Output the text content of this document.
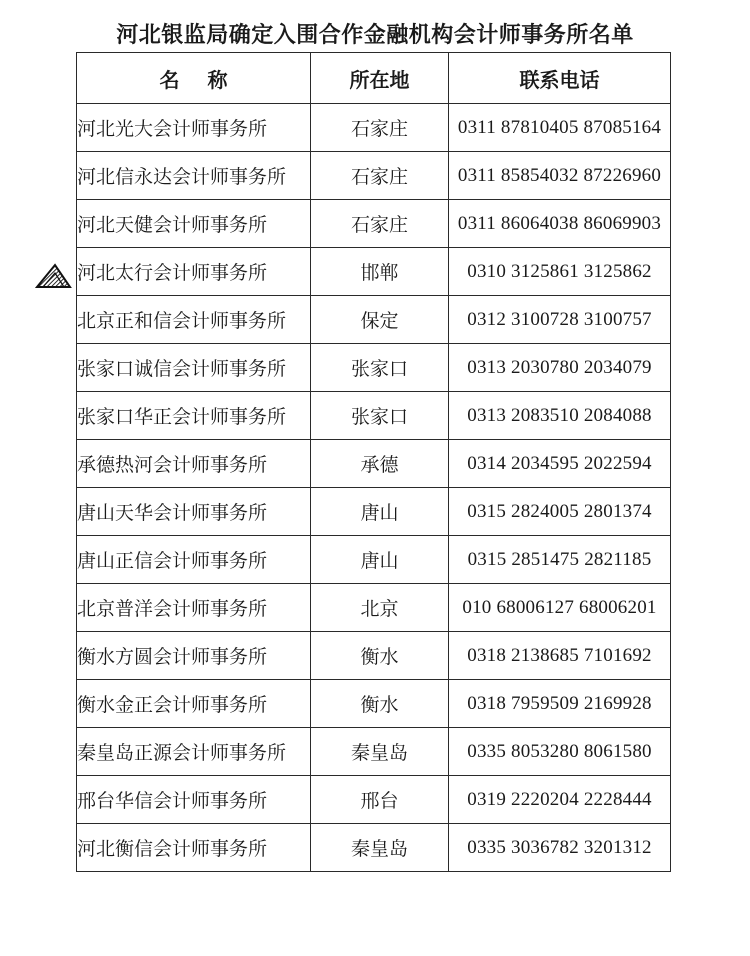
河北银监局确定入围合作金融机构会计师事务所名单
名称	所在地	联系电话
河北光大会计师事务所	石家庄	0311 87810405 87085164
河北信永达会计师事务所	石家庄	0311 85854032 87226960
河北天健会计师事务所	石家庄	0311 86064038 86069903
河北太行会计师事务所	邯郸	0310 3125861 3125862
北京正和信会计师事务所	保定	0312 3100728 3100757
张家口诚信会计师事务所	张家口	0313 2030780 2034079
张家口华正会计师事务所	张家口	0313 2083510 2084088
承德热河会计师事务所	承德	0314 2034595 2022594
唐山天华会计师事务所	唐山	0315 2824005 2801374
唐山正信会计师事务所	唐山	0315 2851475 2821185
北京普洋会计师事务所	北京	010 68006127 68006201
衡水方圆会计师事务所	衡水	0318 2138685 7101692
衡水金正会计师事务所	衡水	0318 7959509 2169928
秦皇岛正源会计师事务所	秦皇岛	0335 8053280 8061580
邢台华信会计师事务所	邢台	0319 2220204 2228444
河北衡信会计师事务所	秦皇岛	0335 3036782 3201312
